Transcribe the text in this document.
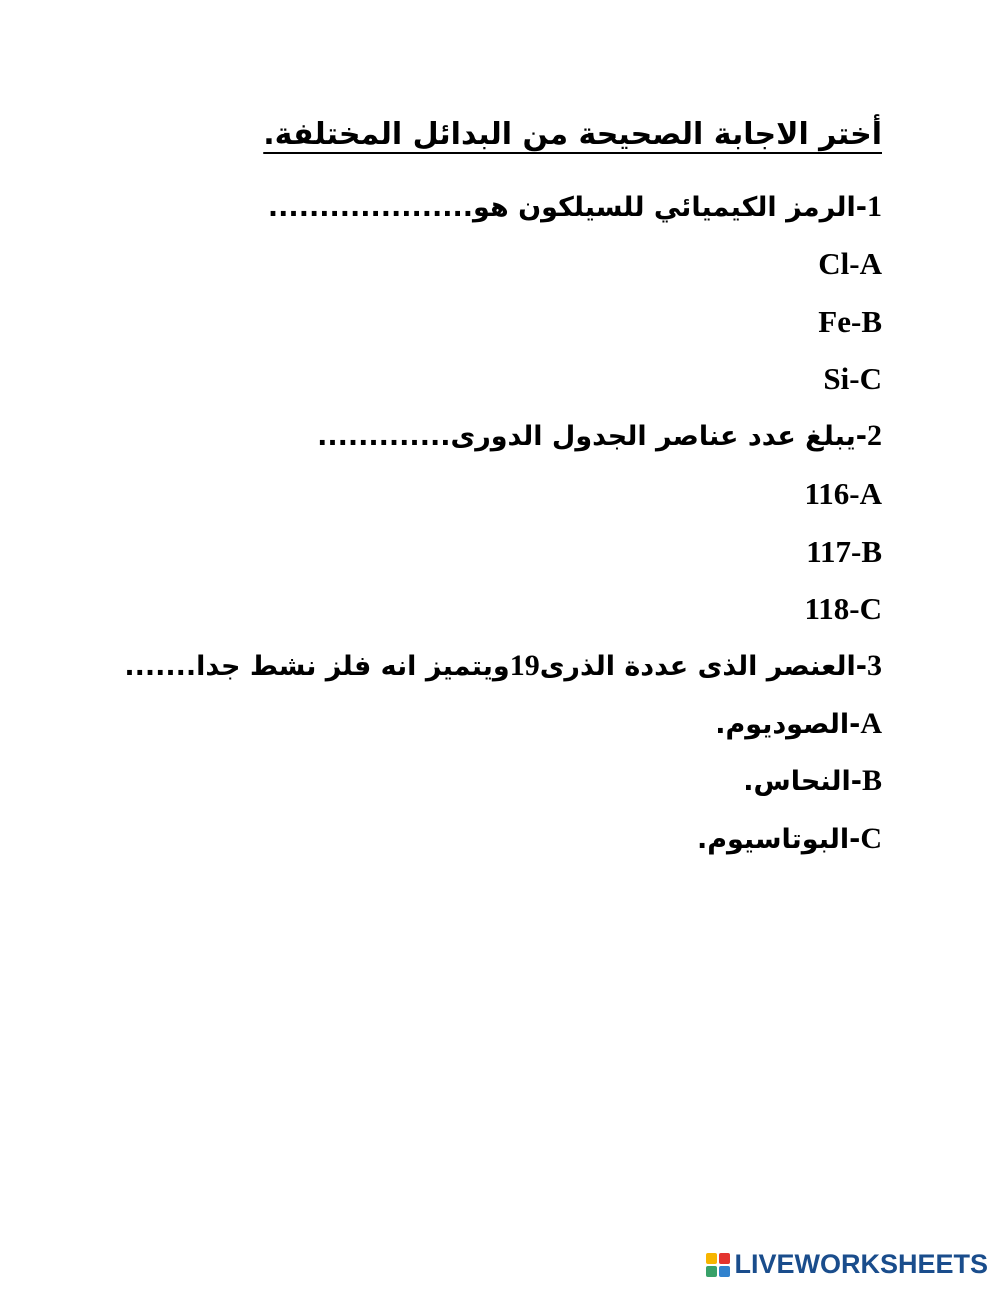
أختر الاجابة الصحيحة من البدائل المختلفة.
1-الرمز الكيميائي للسيلكون هو....................
Cl-A
Fe-B
Si-C
2-يبلغ عدد عناصر الجدول الدورى.............
116-A
117-B
118-C
3-العنصر الذى عددة الذرى19ويتميز انه فلز نشط جدا.......
A-الصوديوم.
B-النحاس.
C-البوتاسيوم.
LIVEWORKSHEETS
